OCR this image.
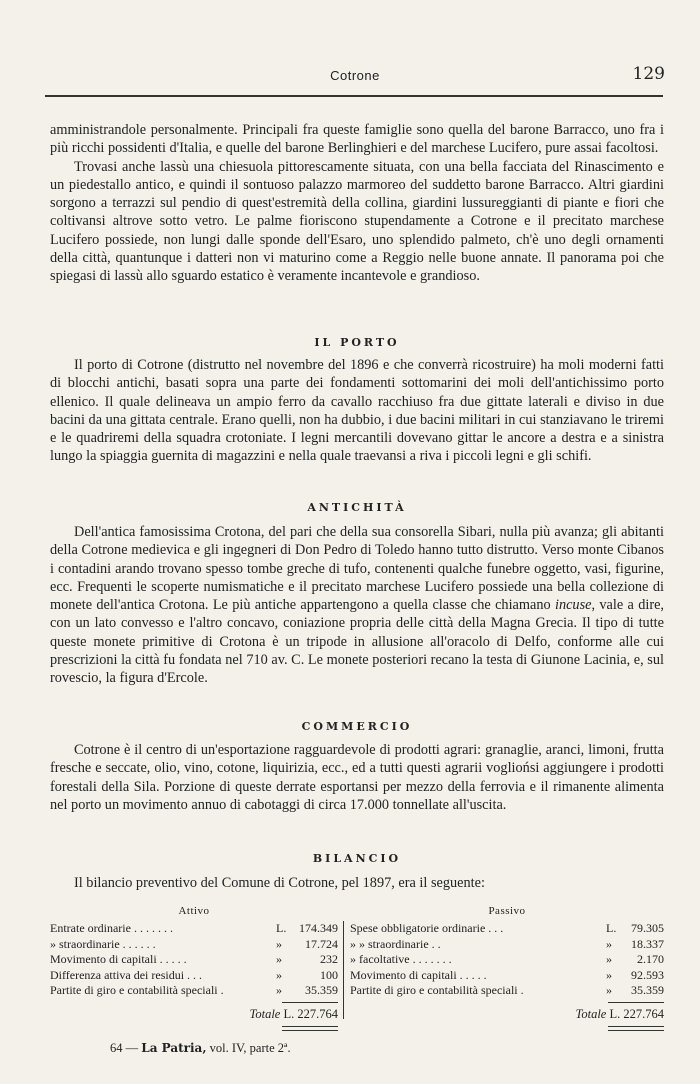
Cotrone	129

amministrandole personalmente. Principali fra queste famiglie sono quella del barone Barracco, uno fra i più ricchi possidenti d'Italia, e quelle del barone Berlinghieri e del marchese Lucifero, pure assai facoltosi.

Trovasi anche lassù una chiesuola pittorescamente situata, con una bella facciata del Rinascimento e un piedestallo antico, e quindi il sontuoso palazzo marmoreo del suddetto barone Barracco. Altri giardini sorgono a terrazzi sul pendio di quest'estremità della collina, giardini lussureggianti di piante e fiori che coltivansi altrove sotto vetro. Le palme fioriscono stupendamente a Cotrone e il precitato marchese Lucifero possiede, non lungi dalle sponde dell'Esaro, uno splendido palmeto, ch'è uno degli ornamenti della città, quantunque i datteri non vi maturino come a Reggio nelle buone annate. Il panorama poi che spiegasi di lassù allo sguardo estatico è veramente incantevole e grandioso.

IL PORTO

Il porto di Cotrone (distrutto nel novembre del 1896 e che converrà ricostruire) ha moli moderni fatti di blocchi antichi, basati sopra una parte dei fondamenti sottomarini dei moli dell'antichissimo porto ellenico. Il quale delineava un ampio ferro da cavallo racchiuso fra due gittate laterali e diviso in due bacini da una gittata centrale. Erano quelli, non ha dubbio, i due bacini militari in cui stanziavano le triremi e le quadriremi della squadra crotoniate. I legni mercantili dovevano gittar le ancore a destra e a sinistra lungo la spiaggia guernita di magazzini e nella quale traevansi a riva i piccoli legni e gli schifi.

ANTICHITÀ

Dell'antica famosissima Crotona, del pari che della sua consorella Sibari, nulla più avanza; gli abitanti della Cotrone medievica e gli ingegneri di Don Pedro di Toledo hanno tutto distrutto. Verso monte Cibanos i contadini arando trovano spesso tombe greche di tufo, contenenti qualche funebre oggetto, vasi, figurine, ecc. Frequenti le scoperte numismatiche e il precitato marchese Lucifero possiede una bella collezione di monete dell'antica Crotona. Le più antiche appartengono a quella classe che chiamano incuse, vale a dire, con un lato convesso e l'altro concavo, coniazione propria delle città della Magna Grecia. Il tipo di tutte queste monete primitive di Crotona è un tripode in allusione all'oracolo di Delfo, conforme alle cui prescrizioni la città fu fondata nel 710 av. C. Le monete posteriori recano la testa di Giunone Lacinia, e, sul rovescio, la figura d'Ercole.

COMMERCIO

Cotrone è il centro di un'esportazione ragguardevole di prodotti agrari: granaglie, aranci, limoni, frutta fresche e seccate, olio, vino, cotone, liquirizia, ecc., ed a tutti questi agrarii vogliońsi aggiungere i prodotti forestali della Sila. Porzione di queste derrate esportansi per mezzo della ferrovia e il rimanente alimenta nel porto un movimento annuo di cabotaggi di circa 17.000 tonnellate all'uscita.

BILANCIO

Il bilancio preventivo del Comune di Cotrone, pel 1897, era il seguente:

Attivo
Entrate ordinarie . . . . . . .	L. 174.349
» straordinarie . . . . . .	» 17.724
Movimento di capitali . . . . .	»	232
Differenza attiva dei residui . . .	»	100
Partite di giro e contabilità speciali .	» 35.359
Totale L. 227.764
Passivo
Spese obbligatorie ordinarie . . .	L. 79.305
» » straordinarie . .	» 18.337
» facoltative . . . . . . .	» 2.170
Movimento di capitali . . . . .	» 92.593
Partite di giro e contabilità speciali .	» 35.359
Totale L. 227.764
64 — La Patria, vol. IV, parte 2ª.
